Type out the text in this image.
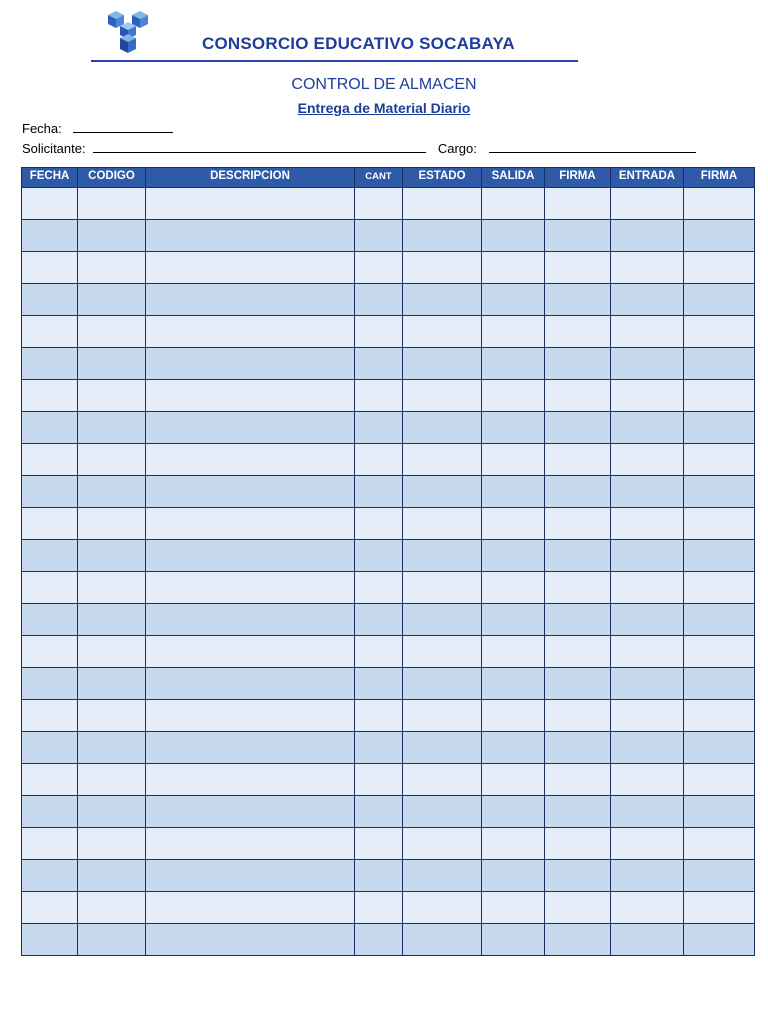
CONSORCIO EDUCATIVO SOCABAYA
CONTROL DE ALMACEN
Entrega de Material Diario
Fecha:
Solicitante:	Cargo:
FECHA	CODIGO	DESCRIPCION	CANT	ESTADO	SALIDA	FIRMA	ENTRADA	FIRMA
